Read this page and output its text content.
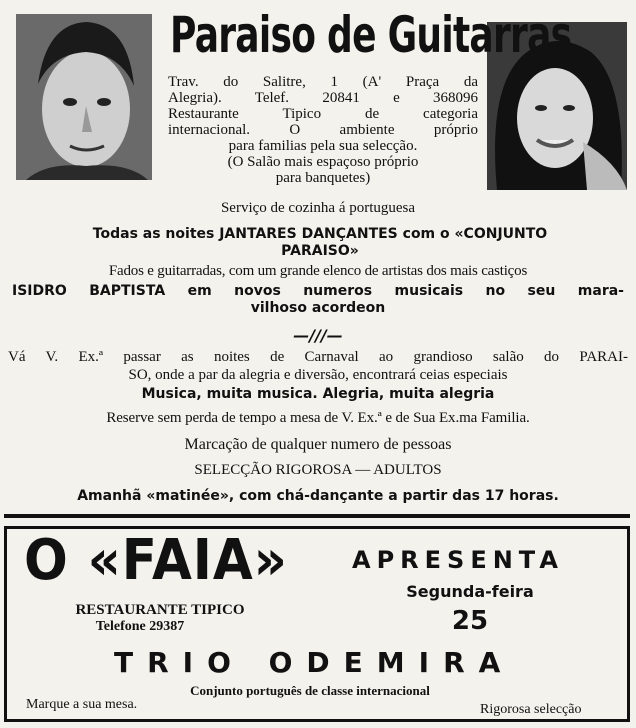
Paraiso de Guitarras
Trav. do Salitre, 1 (A' Praça da
Alegria). Telef. 20841 e 368096
Restaurante Tipico de categoria
internacional. O ambiente próprio
para familias pela sua selecção.
(O Salão mais espaçoso próprio
para banquetes)
Serviço de cozinha á portuguesa
Todas as noites JANTARES DANÇANTES com o «CONJUNTO
PARAISO»
Fados e guitarradas, com um grande elenco de artistas dos mais castiços
ISIDRO BAPTISTA em novos numeros musicais no seu mara-
vilhoso acordeon
—///—
Vá V. Ex.ª passar as noites de Carnaval ao grandioso salão do PARAI-
SO, onde a par da alegria e diversão, encontrará ceias especiais
Musica, muita musica. Alegria, muita alegria
Reserve sem perda de tempo a mesa de V. Ex.ª e de Sua Ex.ma Familia.
Marcação de qualquer numero de pessoas
SELECÇÃO RIGOROSA — ADULTOS
Amanhã «matinée», com chá-dançante a partir das 17 horas.
O «FAIA»
RESTAURANTE TIPICO
Telefone 29387
APRESENTA
Segunda-feira
25
TRIO ODEMIRA
Conjunto português de classe internacional
Marque a sua mesa.	Rigorosa selecção
